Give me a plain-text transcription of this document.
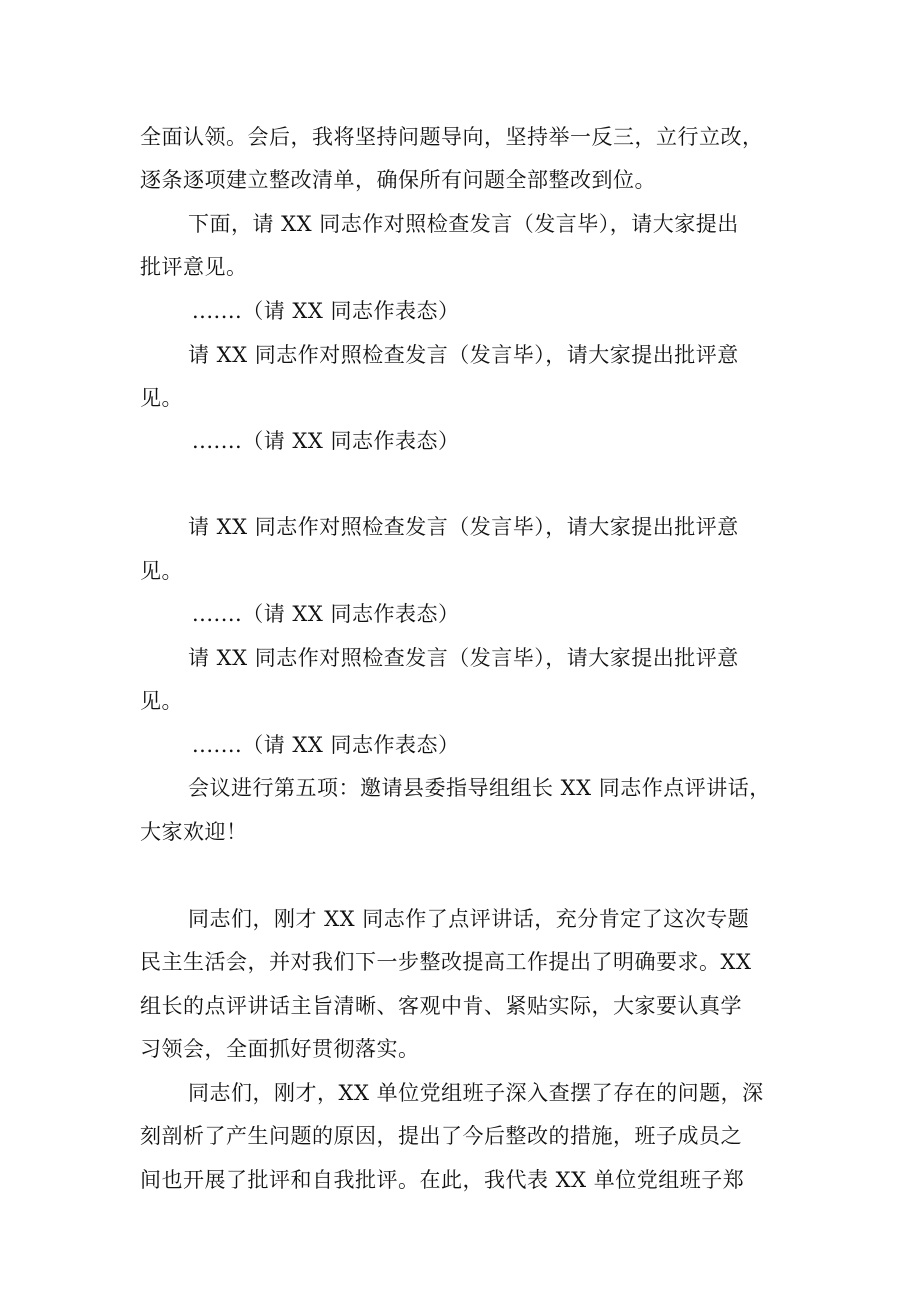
全面认领。会后，我将坚持问题导向，坚持举一反三，立行立改，
逐条逐项建立整改清单，确保所有问题全部整改到位。
下面，请 XX 同志作对照检查发言（发言毕），请大家提出
批评意见。
.......（请 XX 同志作表态）
请 XX 同志作对照检查发言（发言毕），请大家提出批评意
见。
.......（请 XX 同志作表态）
请 XX 同志作对照检查发言（发言毕），请大家提出批评意
见。
.......（请 XX 同志作表态）
请 XX 同志作对照检查发言（发言毕），请大家提出批评意
见。
.......（请 XX 同志作表态）
会议进行第五项：邀请县委指导组组长 XX 同志作点评讲话，
大家欢迎！
同志们，刚才 XX 同志作了点评讲话，充分肯定了这次专题
民主生活会，并对我们下一步整改提高工作提出了明确要求。XX
组长的点评讲话主旨清晰、客观中肯、紧贴实际，大家要认真学
习领会，全面抓好贯彻落实。
同志们，刚才，XX 单位党组班子深入查摆了存在的问题，深
刻剖析了产生问题的原因，提出了今后整改的措施，班子成员之
间也开展了批评和自我批评。在此，我代表 XX 单位党组班子郑
